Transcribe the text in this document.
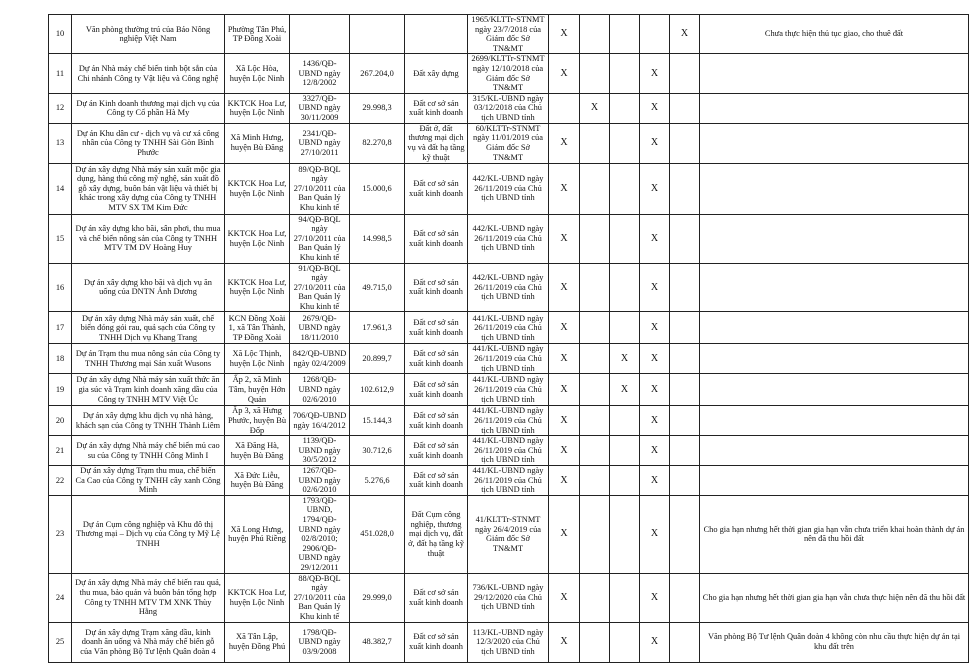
10	Văn phòng thường trú của Báo Nông nghiệp Việt Nam	Phường Tân Phú, TP Đồng Xoài				1965/KLTTr-STNMT ngày 23/7/2018 của Giám đốc Sở TN&MT	X				X	Chưa thực hiện thủ tục giao, cho thuê đất
11	Dự án Nhà máy chế biến tinh bột sắn của Chi nhánh Công ty Vật liệu và Công nghệ	Xã Lộc Hòa, huyện Lộc Ninh	1436/QĐ-UBND ngày 12/8/2002	267.204,0	Đất xây dựng	2699/KLTTr-STNMT ngày 12/10/2018 của Giám đốc Sở TN&MT	X			X		
12	Dự án Kinh doanh thương mại dịch vụ của Công ty Cổ phần Hà My	KKTCK Hoa Lư, huyện Lộc Ninh	3327/QĐ-UBND ngày 30/11/2009	29.998,3	Đất cơ sở sản xuất kinh doanh	315/KL-UBND ngày 03/12/2018 của Chủ tịch UBND tỉnh		X		X		
13	Dự án Khu dân cư - dịch vụ và cư xá công nhân của Công ty TNHH Sài Gòn Bình Phước	Xã Minh Hưng, huyện Bù Đăng	2341/QĐ-UBND ngày 27/10/2011	82.270,8	Đất ở, đất thương mại dịch vụ và đất hạ tầng kỹ thuật	60/KLTTr-STNMT ngày 11/01/2019 của Giám đốc Sở TN&MT	X			X		
14	Dự án xây dựng Nhà máy sản xuất mộc gia dụng, hàng thủ công mỹ nghệ, sản xuất đồ gỗ xây dựng, buôn bán vật liệu và thiết bị khác trong xây dựng của Công ty TNHH MTV SX TM Kim Đức	KKTCK Hoa Lư, huyện Lộc Ninh	89/QĐ-BQL ngày 27/10/2011 của Ban Quản lý Khu kinh tế	15.000,6	Đất cơ sở sản xuất kinh doanh	442/KL-UBND ngày 26/11/2019 của Chủ tịch UBND tỉnh	X			X		
15	Dự án xây dựng kho bãi, sân phơi, thu mua và chế biến nông sản của Công ty TNHH MTV TM DV Hoàng Huy	KKTCK Hoa Lư, huyện Lộc Ninh	94/QĐ-BQL ngày 27/10/2011 của Ban Quản lý Khu kinh tế	14.998,5	Đất cơ sở sản xuất kinh doanh	442/KL-UBND ngày 26/11/2019 của Chủ tịch UBND tỉnh	X			X		
16	Dự án xây dựng kho bãi và dịch vụ ăn uống của DNTN Ánh Dương	KKTCK Hoa Lư, huyện Lộc Ninh	91/QĐ-BQL ngày 27/10/2011 của Ban Quản lý Khu kinh tế	49.715,0	Đất cơ sở sản xuất kinh doanh	442/KL-UBND ngày 26/11/2019 của Chủ tịch UBND tỉnh	X			X		
17	Dự án xây dựng Nhà máy sản xuất, chế biến đóng gói rau, quả sạch của Công ty TNHH Dịch vụ Khang Trang	KCN Đồng Xoài 1, xã Tân Thành, TP Đồng Xoài	2679/QĐ-UBND ngày 18/11/2010	17.961,3	Đất cơ sở sản xuất kinh doanh	441/KL-UBND ngày 26/11/2019 của Chủ tịch UBND tỉnh	X			X		
18	Dự án Trạm thu mua nông sản của Công ty TNHH Thương mại Sản xuất Wusons	Xã Lộc Thịnh, huyện Lộc Ninh	842/QĐ-UBND ngày 02/4/2009	20.899,7	Đất cơ sở sản xuất kinh doanh	441/KL-UBND ngày 26/11/2019 của Chủ tịch UBND tỉnh	X		X	X		
19	Dự án xây dựng Nhà máy sản xuất thức ăn gia súc và Trạm kinh doanh xăng dầu của Công ty TNHH MTV Việt Úc	Ấp 2, xã Minh Tâm, huyện Hớn Quản	1268/QĐ-UBND ngày 02/6/2010	102.612,9	Đất cơ sở sản xuất kinh doanh	441/KL-UBND ngày 26/11/2019 của Chủ tịch UBND tỉnh	X		X	X		
20	Dự án xây dựng khu dịch vụ nhà hàng, khách sạn của Công ty TNHH Thành Liêm	Ấp 3, xã Hưng Phước, huyện Bù Đốp	706/QĐ-UBND ngày 16/4/2012	15.144,3	Đất cơ sở sản xuất kinh doanh	441/KL-UBND ngày 26/11/2019 của Chủ tịch UBND tỉnh	X			X		
21	Dự án xây dựng Nhà máy chế biến mủ cao su của Công ty TNHH Công Minh I	Xã Đăng Hà, huyện Bù Đăng	1139/QĐ-UBND ngày 30/5/2012	30.712,6	Đất cơ sở sản xuất kinh doanh	441/KL-UBND ngày 26/11/2019 của Chủ tịch UBND tỉnh	X			X		
22	Dự án xây dựng Trạm thu mua, chế biến Ca Cao của Công ty TNHH cây xanh Công Minh	Xã Đức Liễu, huyện Bù Đăng	1267/QĐ-UBND ngày 02/6/2010	5.276,6	Đất cơ sở sản xuất kinh doanh	441/KL-UBND ngày 26/11/2019 của Chủ tịch UBND tỉnh	X			X		
23	Dự án Cụm công nghiệp và Khu đô thị Thương mại – Dịch vụ của Công ty Mỹ Lệ TNHH	Xã Long Hưng, huyện Phú Riềng	1793/QĐ-UBND, 1794/QĐ-UBND ngày 02/8/2010; 2906/QĐ-UBND ngày 29/12/2011	451.028,0	Đất Cụm công nghiệp, thương mại dịch vụ, đất ở, đất hạ tầng kỹ thuật	41/KLTTr-STNMT ngày 26/4/2019 của Giám đốc Sở TN&MT	X			X		Cho gia hạn nhưng hết thời gian gia hạn vẫn chưa triển khai hoàn thành dự án nên đã thu hồi đất
24	Dự án xây dựng Nhà máy chế biến rau quả, thu mua, bảo quản và buôn bán tổng hợp Công ty TNHH MTV TM XNK Thùy Hằng	KKTCK Hoa Lư, huyện Lộc Ninh	88/QĐ-BQL ngày 27/10/2011 của Ban Quản lý Khu kinh tế	29.999,0	Đất cơ sở sản xuất kinh doanh	736/KL-UBND ngày 29/12/2020 của Chủ tịch UBND tỉnh	X			X		Cho gia hạn nhưng hết thời gian gia hạn vẫn chưa thực hiện nên đã thu hồi đất
25	Dự án xây dựng Trạm xăng dầu, kinh doanh ăn uống và Nhà máy chế biến gỗ của Văn phòng Bộ Tư lệnh Quân đoàn 4	Xã Tân Lập, huyện Đồng Phú	1798/QĐ-UBND ngày 03/9/2008	48.382,7	Đất cơ sở sản xuất kinh doanh	113/KL-UBND ngày 12/3/2020 của Chủ tịch UBND tỉnh	X			X		Văn phòng Bộ Tư lệnh Quân đoàn 4 không còn nhu cầu thực hiện dự án tại khu đất trên
